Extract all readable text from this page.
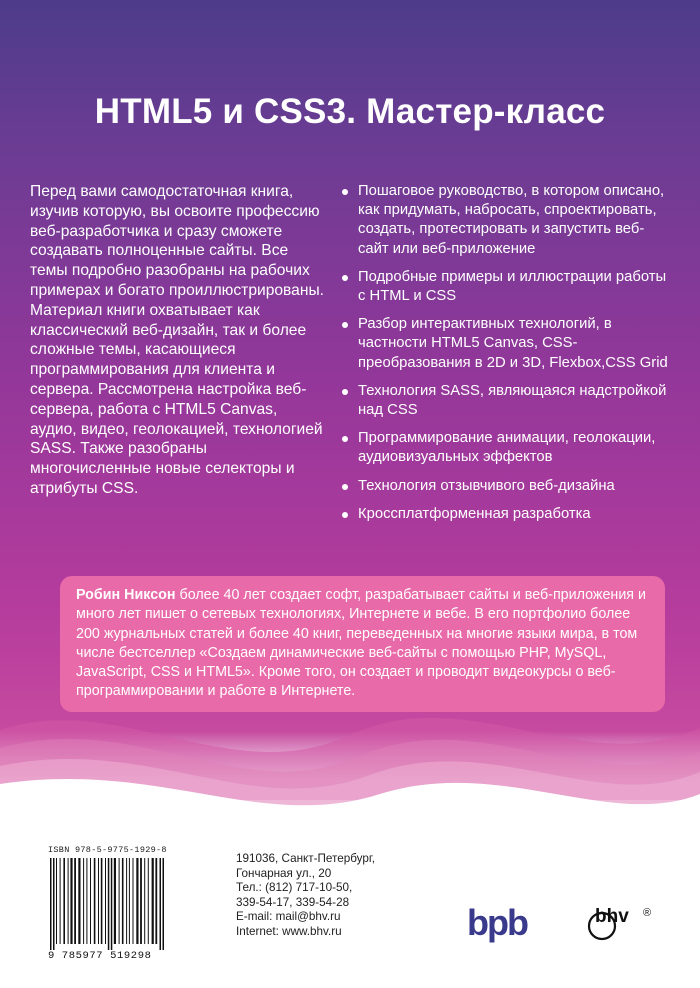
HTML5 и CSS3. Мастер-класс
Перед вами самодостаточная книга, изучив которую, вы освоите профессию веб-разработчика и сразу сможете создавать полноценные сайты. Все темы подробно разобраны на рабочих примерах и богато проиллюстрированы. Материал книги охватывает как классический веб-дизайн, так и более сложные темы, касающиеся программирования для клиента и сервера. Рассмотрена настройка веб-сервера, работа с HTML5 Canvas, аудио, видео, геолокацией, технологией SASS. Также разобраны многочисленные новые селекторы и атрибуты CSS.
Пошаговое руководство, в котором описано, как придумать, набросать, спроектировать, создать, протестировать и запустить веб-сайт или веб-приложение
Подробные примеры и иллюстрации работы с HTML и CSS
Разбор интерактивных технологий, в частности HTML5 Canvas, CSS-преобразования в 2D и 3D, Flexbox,CSS Grid
Технология SASS, являющаяся надстройкой над CSS
Программирование анимации, геолокации, аудиовизуальных эффектов
Технология отзывчивого веб-дизайна
Кроссплатформенная разработка
Робин Никсон более 40 лет создает софт, разрабатывает сайты и веб-приложения и много лет пишет о сетевых технологиях, Интернете и вебе. В его портфолио более 200 журнальных статей и более 40 книг, переведенных на многие языки мира, в том числе бестселлер «Создаем динамические веб-сайты с помощью PHP, MySQL, JavaScript, CSS и HTML5». Кроме того, он создает и проводит видеокурсы о веб-программировании и работе в Интернете.
ISBN 978-5-9775-1929-8
9 785977 519298
191036, Санкт-Петербург,
Гончарная ул., 20
Тел.: (812) 717-10-50,
339-54-17, 339-54-28
E-mail: mail@bhv.ru
Internet: www.bhv.ru	bpb	bhv ®
